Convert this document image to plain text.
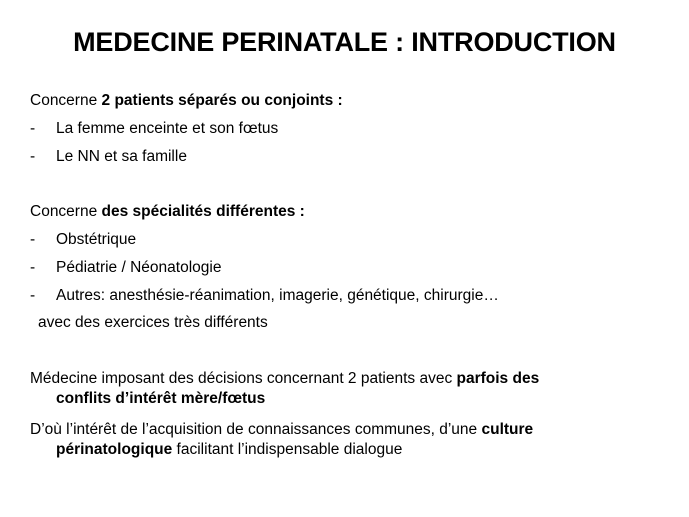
MEDECINE PERINATALE : INTRODUCTION
Concerne 2 patients séparés ou conjoints :
- La femme enceinte et son fœtus
- Le NN et sa famille
Concerne des spécialités différentes :
- Obstétrique
- Pédiatrie / Néonatologie
- Autres: anesthésie-réanimation, imagerie, génétique, chirurgie…
avec des exercices très différents
Médecine imposant des décisions concernant 2 patients avec parfois des
conflits d’intérêt mère/fœtus
D’où l’intérêt de l’acquisition de connaissances communes, d’une culture
périnatologique facilitant l’indispensable dialogue
